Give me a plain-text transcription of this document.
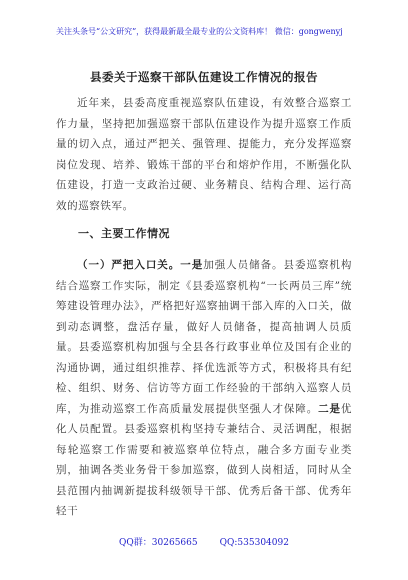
关注头条号“公文研究”，获得最新最全最专业的公文资料库！ 微信：gongwenyj
县委关于巡察干部队伍建设工作情况的报告

近年来，县委高度重视巡察队伍建设，有效整合巡察工作力量，坚持把加强巡察干部队伍建设作为提升巡察工作质量的切入点，通过严把关、强管理、提能力，充分发挥巡察岗位发现、培养、锻炼干部的平台和熔炉作用，不断强化队伍建设，打造一支政治过硬、业务精良、结构合理、运行高效的巡察铁军。

一、主要工作情况

（一）严把入口关。一是加强人员储备。县委巡察机构结合巡察工作实际，制定《县委巡察机构“一长两员三库”统筹建设管理办法》，严格把好巡察抽调干部入库的入口关，做到动态调整，盘活存量，做好人员储备，提高抽调人员质量。县委巡察机构加强与全县各行政事业单位及国有企业的沟通协调，通过组织推荐、择优选派等方式，积极将具有纪检、组织、财务、信访等方面工作经验的干部纳入巡察人员库，为推动巡察工作高质量发展提供坚强人才保障。二是优化人员配置。县委巡察机构坚持专兼结合、灵活调配，根据每轮巡察工作需要和被巡察单位特点，融合多方面专业类别，抽调各类业务骨干参加巡察，做到人岗相适，同时从全县范围内抽调新提拔科级领导干部、优秀后备干部、优秀年轻干

QQ群：30265665 QQ:535304092
